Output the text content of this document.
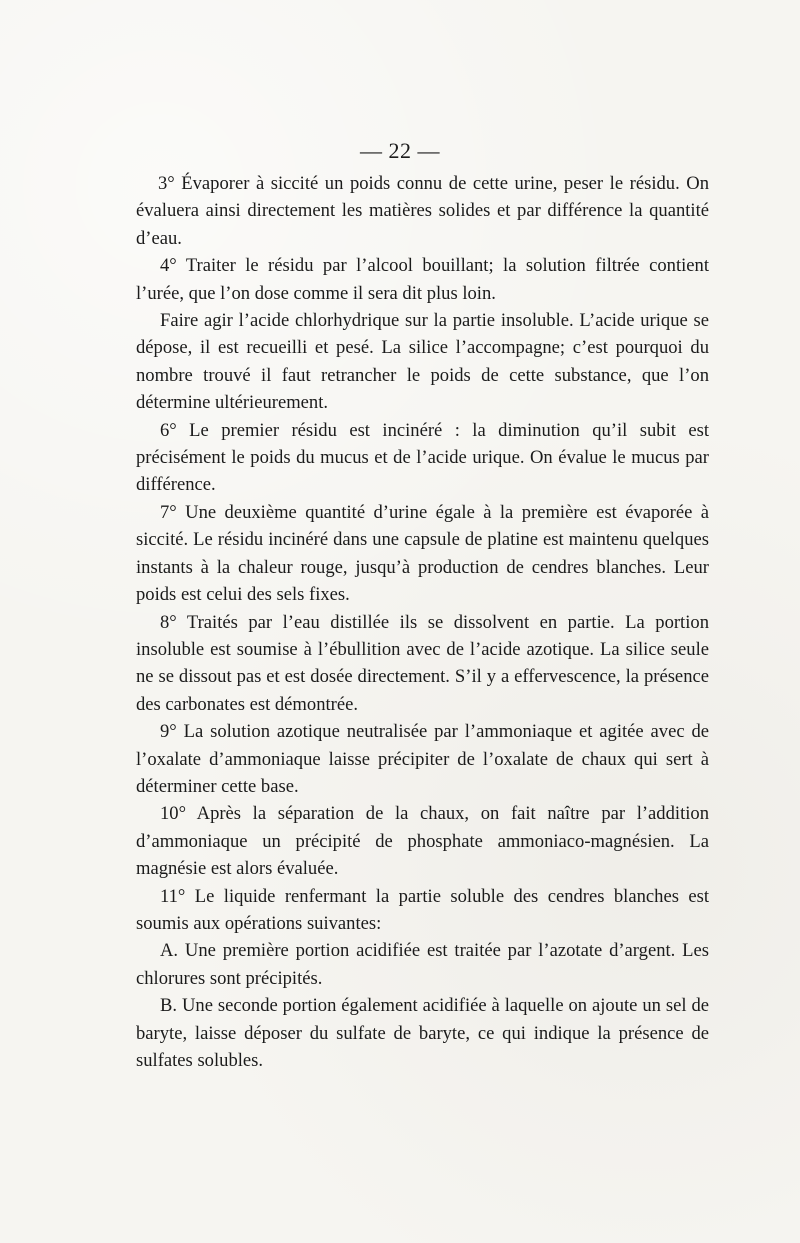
— 22 —

3° Évaporer à siccité un poids connu de cette urine, peser le résidu. On évaluera ainsi directement les matières solides et par différence la quantité d’eau.

4° Traiter le résidu par l’alcool bouillant; la solution filtrée contient l’urée, que l’on dose comme il sera dit plus loin.

Faire agir l’acide chlorhydrique sur la partie insoluble. L’acide urique se dépose, il est recueilli et pesé. La silice l’accompagne; c’est pourquoi du nombre trouvé il faut retrancher le poids de cette substance, que l’on détermine ultérieurement.

6° Le premier résidu est incinéré : la diminution qu’il subit est précisément le poids du mucus et de l’acide urique. On évalue le mucus par différence.

7° Une deuxième quantité d’urine égale à la première est évaporée à siccité. Le résidu incinéré dans une capsule de platine est maintenu quelques instants à la chaleur rouge, jusqu’à production de cendres blanches. Leur poids est celui des sels fixes.

8° Traités par l’eau distillée ils se dissolvent en partie. La portion insoluble est soumise à l’ébullition avec de l’acide azotique. La silice seule ne se dissout pas et est dosée directement. S’il y a effervescence, la présence des carbonates est démontrée.

9° La solution azotique neutralisée par l’ammoniaque et agitée avec de l’oxalate d’ammoniaque laisse précipiter de l’oxalate de chaux qui sert à déterminer cette base.

10° Après la séparation de la chaux, on fait naître par l’addition d’ammoniaque un précipité de phosphate ammoniaco-magnésien. La magnésie est alors évaluée.

11° Le liquide renfermant la partie soluble des cendres blanches est soumis aux opérations suivantes:

A. Une première portion acidifiée est traitée par l’azotate d’argent. Les chlorures sont précipités.

B. Une seconde portion également acidifiée à laquelle on ajoute un sel de baryte, laisse déposer du sulfate de baryte, ce qui indique la présence de sulfates solubles.
